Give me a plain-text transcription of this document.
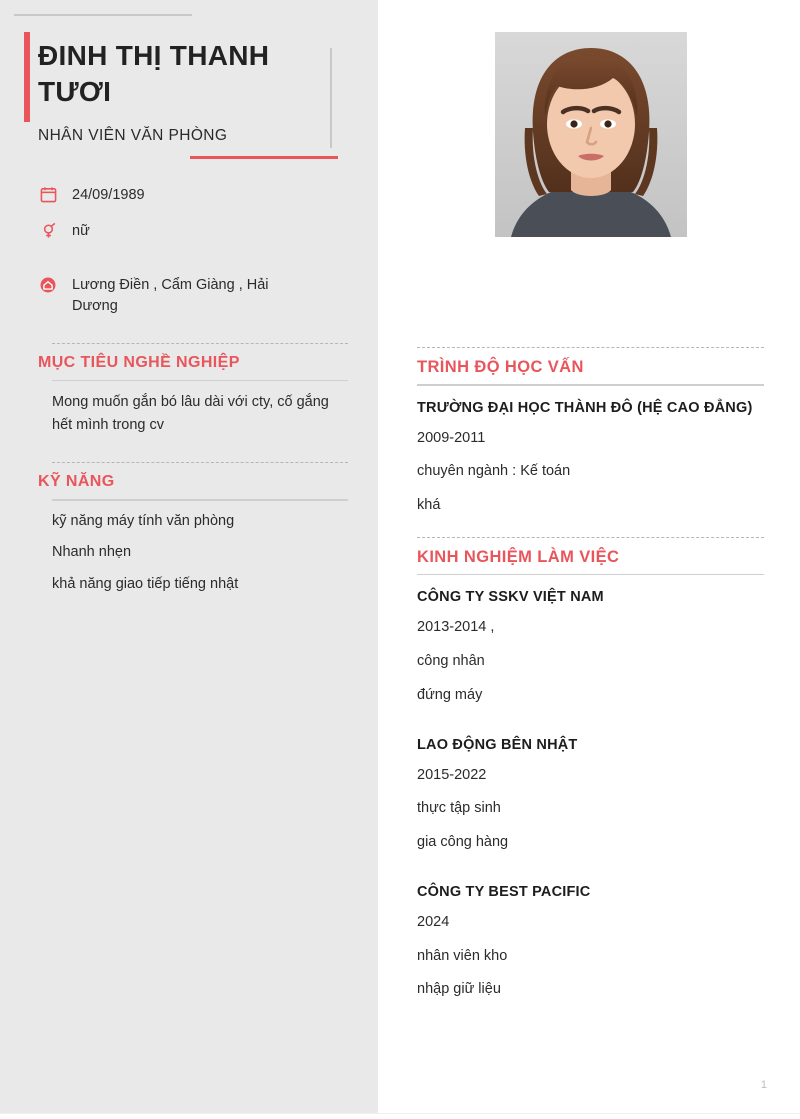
ĐINH THỊ THANH TƯƠI
NHÂN VIÊN VĂN PHÒNG
24/09/1989
nữ
Lương Điền , Cẩm Giàng , Hải Dương
MỤC TIÊU NGHỀ NGHIỆP
Mong muốn gắn bó lâu dài với cty, cố gắng hết mình trong cv
KỸ NĂNG
kỹ năng máy tính văn phòng
Nhanh nhẹn
khả năng giao tiếp tiếng nhật
TRÌNH ĐỘ HỌC VẤN
TRƯỜNG ĐẠI HỌC THÀNH ĐÔ (HỆ CAO ĐẲNG)
2009-2011
chuyên ngành : Kế toán
khá
KINH NGHIỆM LÀM VIỆC
CÔNG TY SSKV VIỆT NAM
2013-2014 ,
công nhân
đứng máy
LAO ĐỘNG BÊN NHẬT
2015-2022
thực tập sinh
gia công hàng
CÔNG TY BEST PACIFIC
2024
nhân viên kho
nhập giữ liệu
1
